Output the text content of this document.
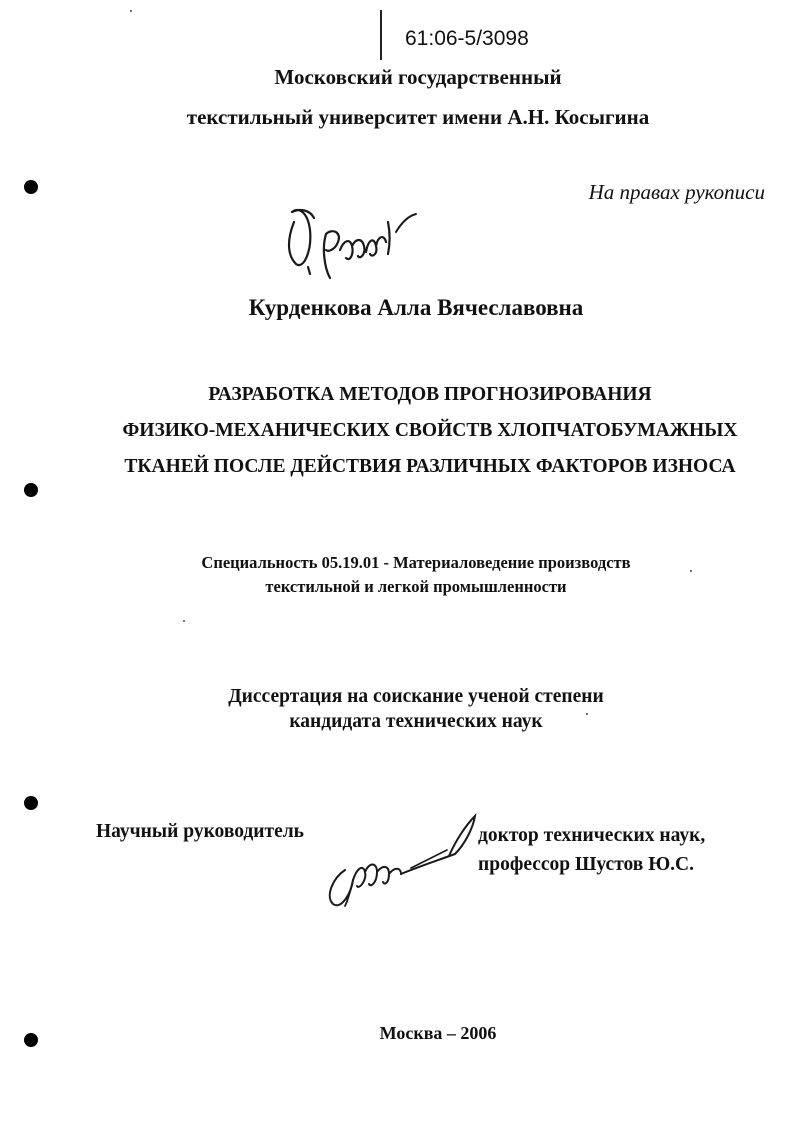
61:06-5/3098
Московский государственный
текстильный университет имени А.Н. Косыгина
На правах рукописи
Курденкова Алла Вячеславовна
РАЗРАБОТКА МЕТОДОВ ПРОГНОЗИРОВАНИЯ
ФИЗИКО-МЕХАНИЧЕСКИХ СВОЙСТВ ХЛОПЧАТОБУМАЖНЫХ
ТКАНЕЙ ПОСЛЕ ДЕЙСТВИЯ РАЗЛИЧНЫХ ФАКТОРОВ ИЗНОСА
Специальность 05.19.01 - Материаловедение производств
текстильной и легкой промышленности
Диссертация на соискание ученой степени
кандидата технических наук
Научный руководитель	доктор технических наук,
профессор Шустов Ю.С.
Москва – 2006
